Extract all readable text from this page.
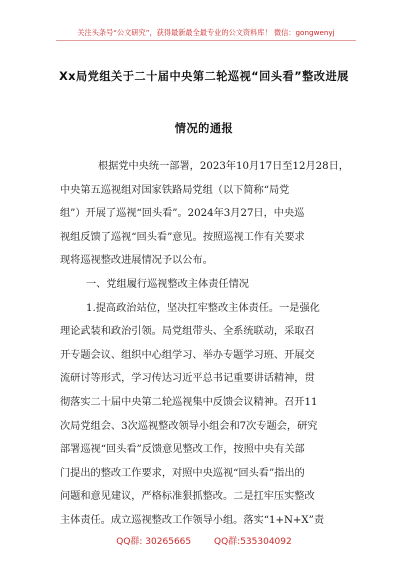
关注头条号“公文研究”，获得最新最全最专业的公文资料库！ 微信：gongwenyj
Xx局党组关于二十届中央第二轮巡视“回头看”整改进展
情况的通报
根据党中央统一部署，2023年10月17日至12月28日，
中央第五巡视组对国家铁路局党组（以下简称“局党
组”）开展了巡视“回头看”。2024年3月27日，中央巡
视组反馈了巡视“回头看”意见。按照巡视工作有关要求
现将巡视整改进展情况予以公布。
一、党组履行巡视整改主体责任情况
1.提高政治站位，坚决扛牢整改主体责任。一是强化
理论武装和政治引领。局党组带头、全系统联动，采取召
开专题会议、组织中心组学习、举办专题学习班、开展交
流研讨等形式，学习传达习近平总书记重要讲话精神，贯
彻落实二十届中央第二轮巡视集中反馈会议精神。召开11
次局党组会、3次巡视整改领导小组会和7次专题会，研究
部署巡视“回头看”反馈意见整改工作，按照中央有关部
门提出的整改工作要求，对照中央巡视“回头看”指出的
问题和意见建议，严格标准狠抓整改。二是扛牢压实整改
主体责任。成立巡视整改工作领导小组。落实“1+N+X”责
QQ群: 30265665	QQ群:535304092
